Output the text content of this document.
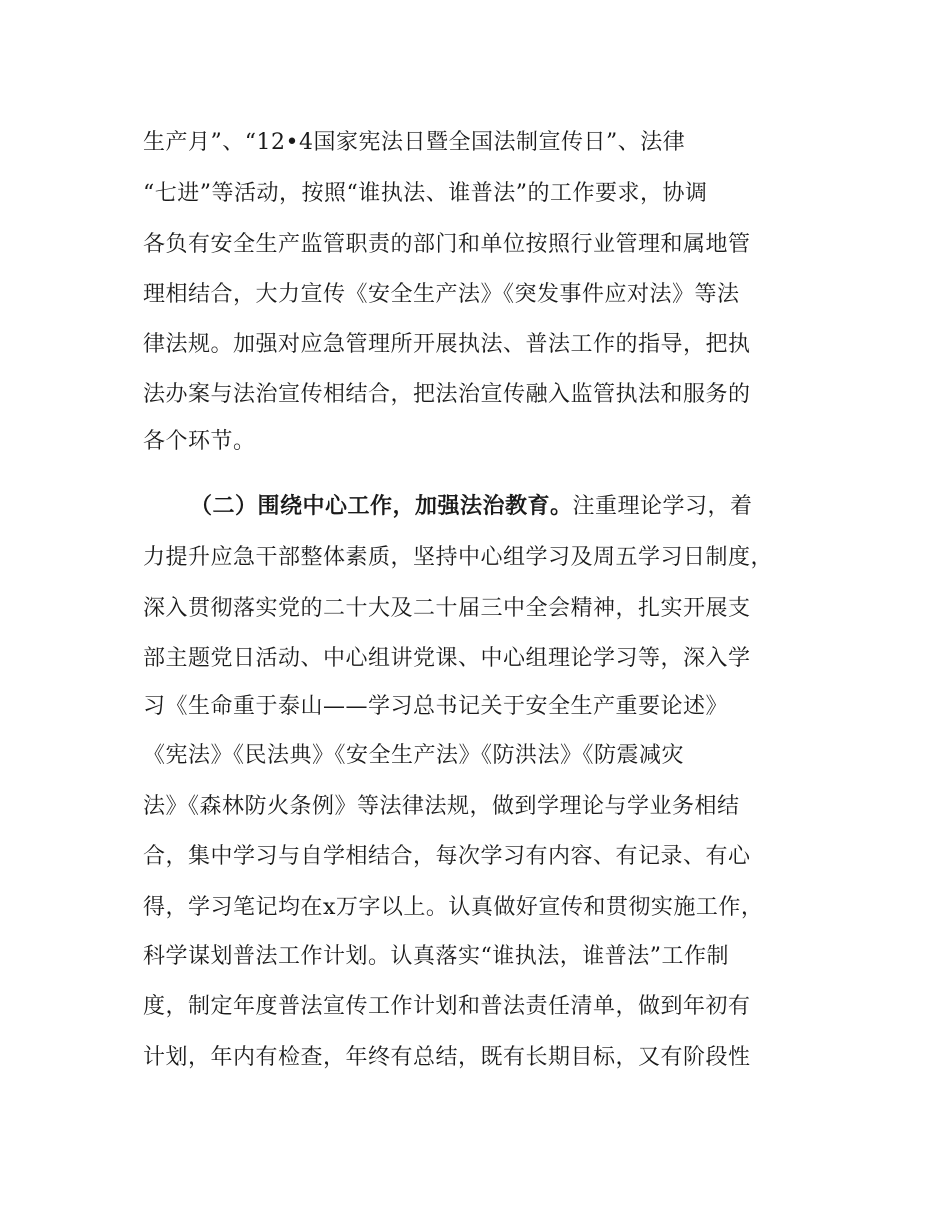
生产月”、“12•4国家宪法日暨全国法制宣传日”、法律
“七进”等活动，按照“谁执法、谁普法”的工作要求，协调
各负有安全生产监管职责的部门和单位按照行业管理和属地管
理相结合，大力宣传《安全生产法》《突发事件应对法》等法
律法规。加强对应急管理所开展执法、普法工作的指导，把执
法办案与法治宣传相结合，把法治宣传融入监管执法和服务的
各个环节。
（二）围绕中心工作，加强法治教育。注重理论学习，着
力提升应急干部整体素质，坚持中心组学习及周五学习日制度，
深入贯彻落实党的二十大及二十届三中全会精神，扎实开展支
部主题党日活动、中心组讲党课、中心组理论学习等，深入学
习《生命重于泰山——学习总书记关于安全生产重要论述》
《宪法》《民法典》《安全生产法》《防洪法》《防震减灾
法》《森林防火条例》等法律法规，做到学理论与学业务相结
合，集中学习与自学相结合，每次学习有内容、有记录、有心
得，学习笔记均在x万字以上。认真做好宣传和贯彻实施工作，
科学谋划普法工作计划。认真落实“谁执法，谁普法”工作制
度，制定年度普法宣传工作计划和普法责任清单，做到年初有
计划，年内有检查，年终有总结，既有长期目标，又有阶段性
